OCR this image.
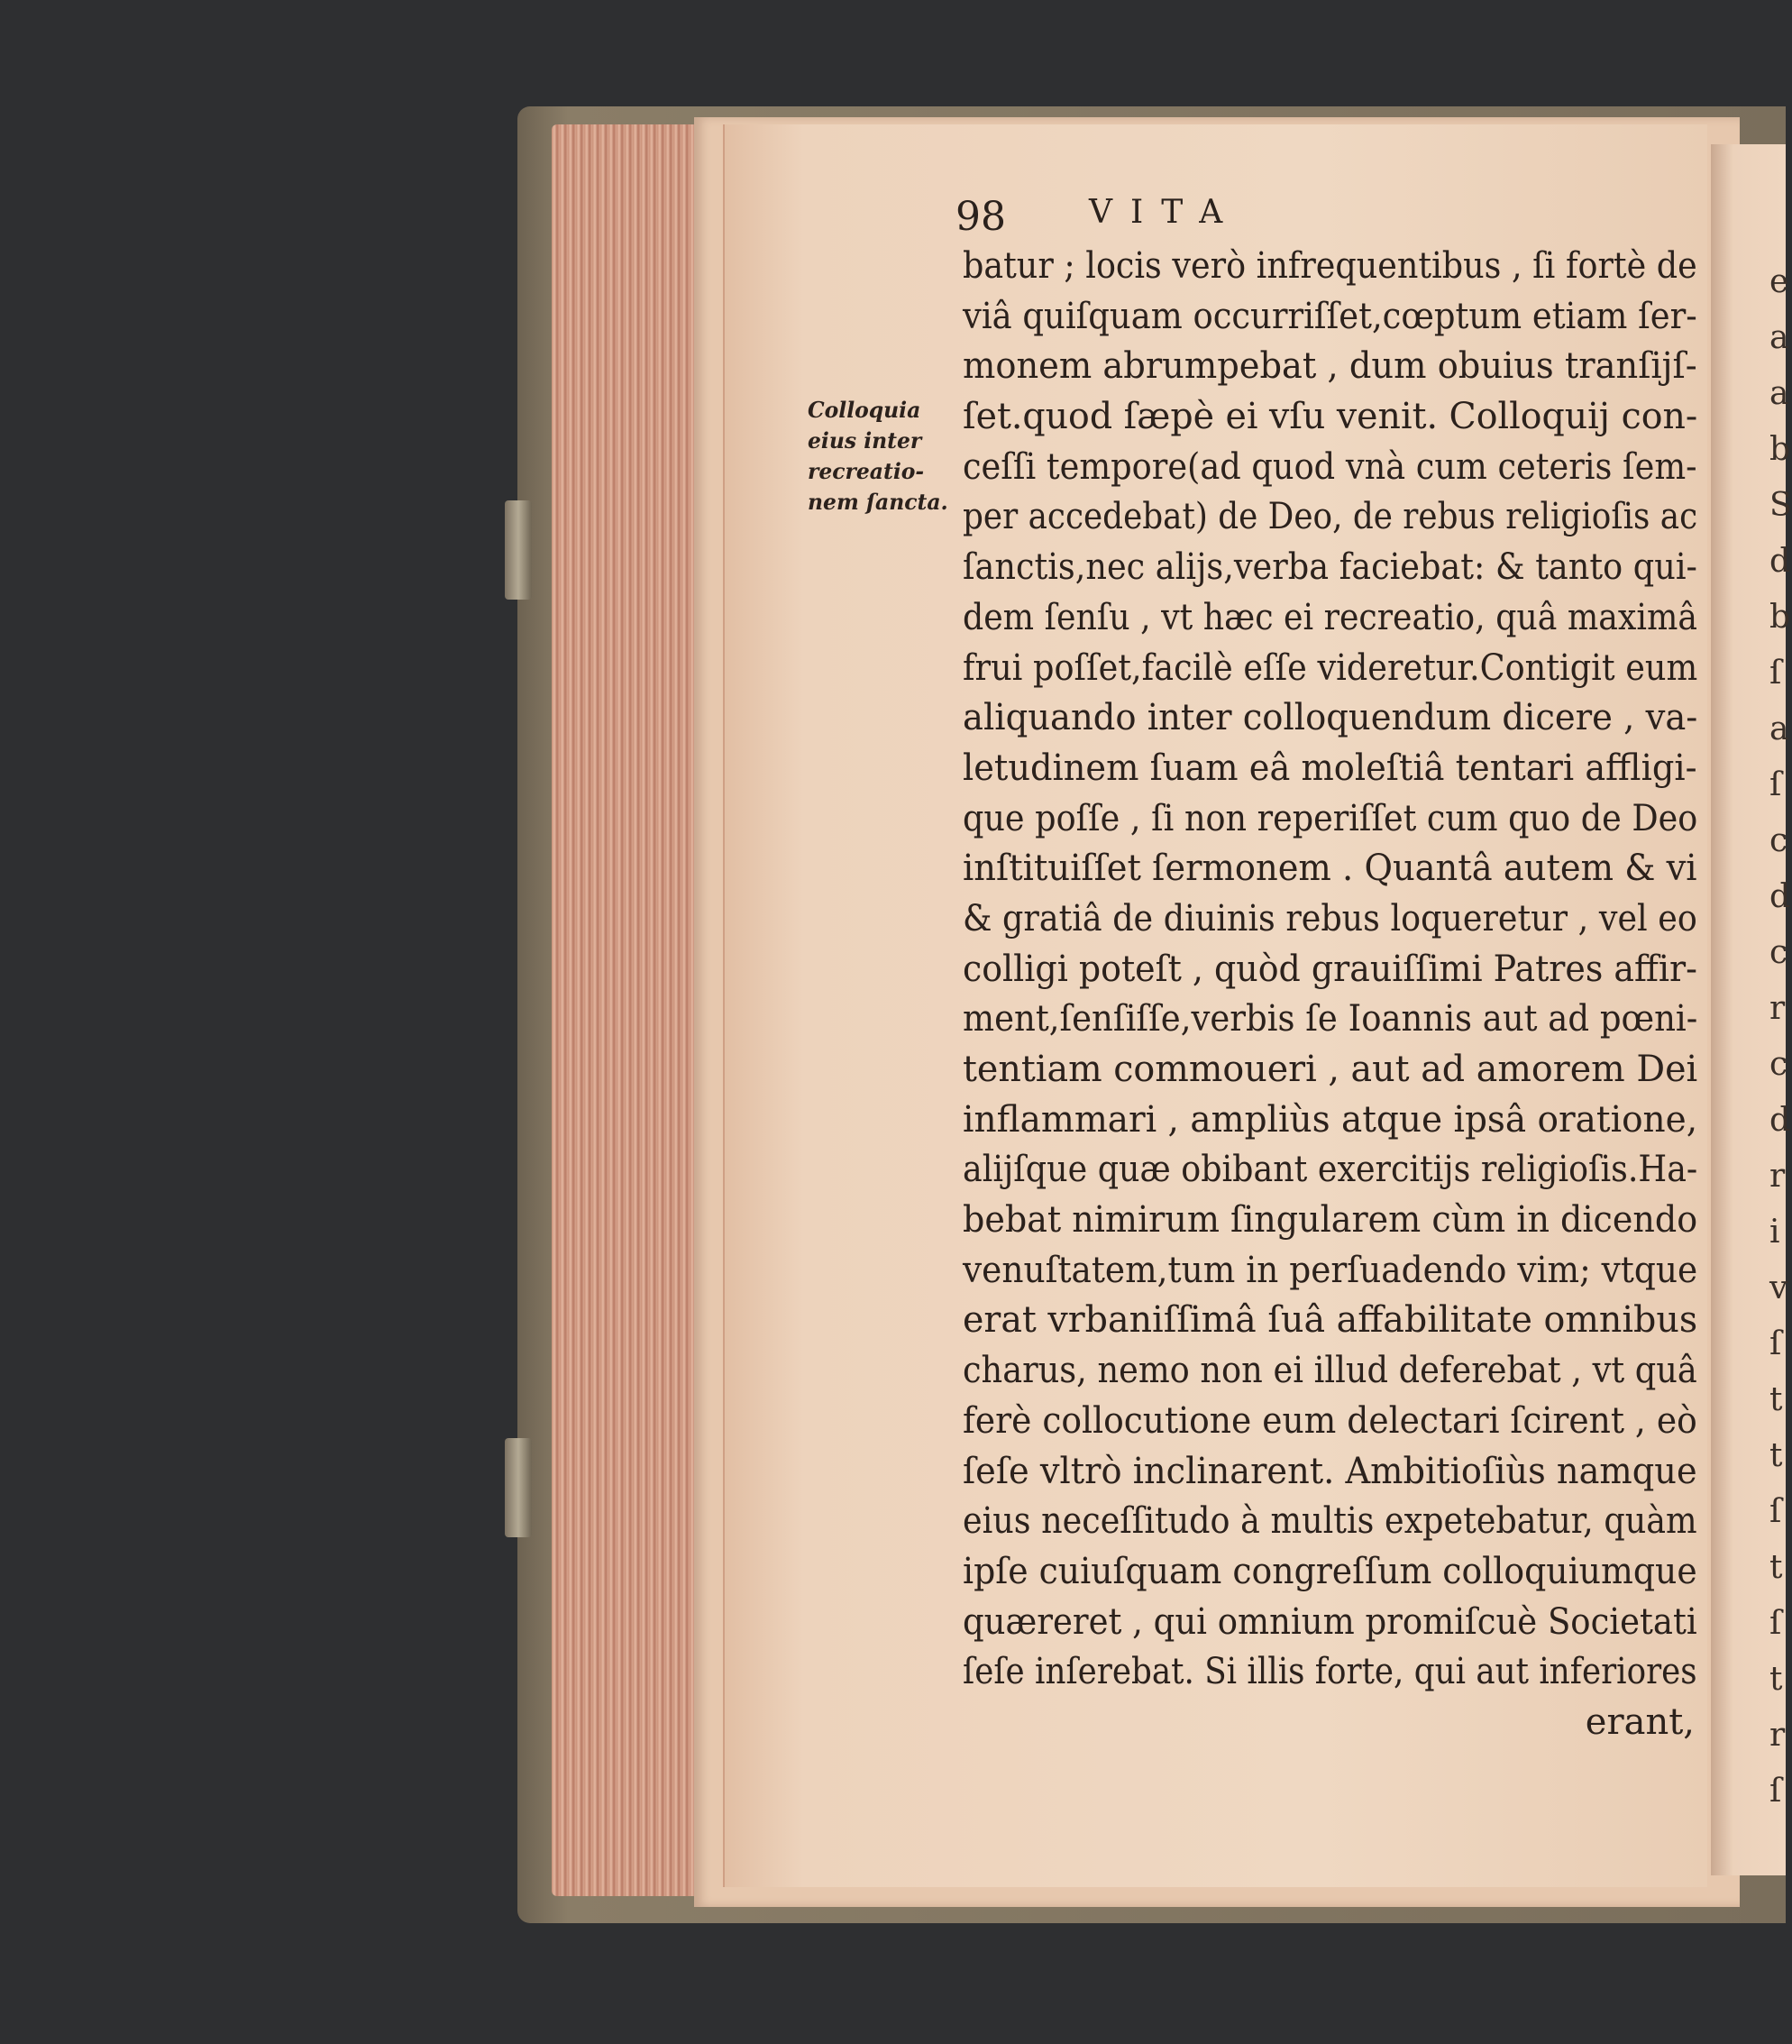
e
a
a
b
S
d
b
ſ
a
ſ
c
d
c
r
c
d
r
i
v
ſ
t
t
ſ
t
ſ
t
r
ſ
98	VITA
Colloquia
eius inter
recreatio-
nem ſancta.
batur ; locis verò infrequentibus , ſi fortè de
viâ quiſquam occurriſſet,cœptum etiam ſer-
monem abrumpebat , dum obuius tranſijſ-
ſet.quod ſæpè ei vſu venit. Colloquij con-
ceſſi tempore(ad quod vnà cum ceteris ſem-
per accedebat) de Deo, de rebus religioſis ac
ſanctis,nec alijs,verba faciebat: & tanto qui-
dem ſenſu , vt hæc ei recreatio, quâ maximâ
frui poſſet,facilè eſſe videretur.Contigit eum
aliquando inter colloquendum dicere , va-
letudinem ſuam eâ moleſtiâ tentari affligi-
que poſſe , ſi non reperiſſet cum quo de Deo
inſtituiſſet ſermonem . Quantâ autem & vi
& gratiâ de diuinis rebus loqueretur , vel eo
colligi poteſt , quòd grauiſſimi Patres affir-
ment,ſenſiſſe,verbis ſe Ioannis aut ad pœni-
tentiam commoueri , aut ad amorem Dei
inflammari , ampliùs atque ipsâ oratione,
alijſque quæ obibant exercitijs religioſis.Ha-
bebat nimirum ſingularem cùm in dicendo
venuſtatem,tum in perſuadendo vim; vtque
erat vrbaniſſimâ ſuâ affabilitate omnibus
charus, nemo non ei illud deferebat , vt quâ
ferè collocutione eum delectari ſcirent , eò
ſeſe vltrò inclinarent. Ambitioſiùs namque
eius neceſſitudo à multis expetebatur, quàm
ipſe cuiuſquam congreſſum colloquiumque
quæreret , qui omnium promiſcuè Societati
ſeſe inſerebat. Si illis forte, qui aut inferiores
erant,
